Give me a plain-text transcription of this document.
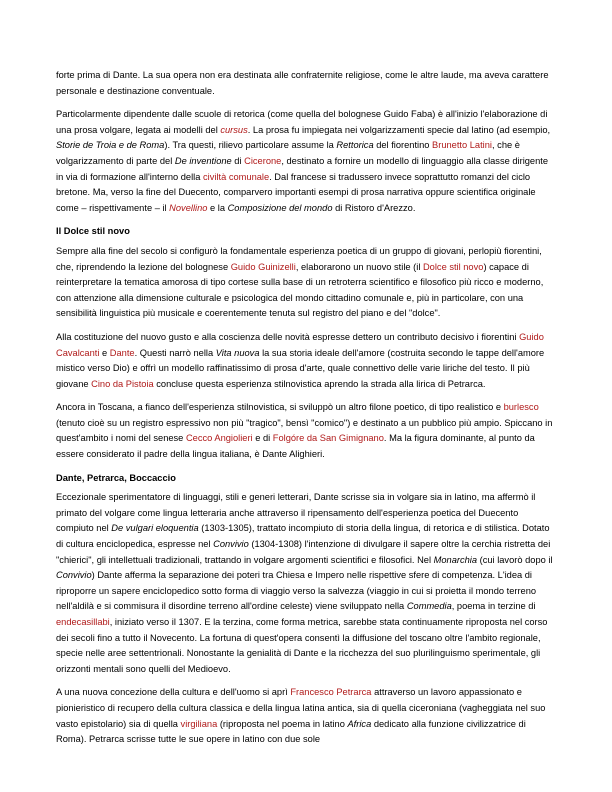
forte prima di Dante. La sua opera non era destinata alle confraternite religiose, come le altre laude, ma aveva carattere personale e destinazione conventuale.

Particolarmente dipendente dalle scuole di retorica (come quella del bolognese Guido Faba) è all'inizio l'elaborazione di una prosa volgare, legata ai modelli del cursus. La prosa fu impiegata nei volgarizzamenti specie dal latino (ad esempio, Storie de Troia e de Roma). Tra questi, rilievo particolare assume la Rettorica del fiorentino Brunetto Latini, che è volgarizzamento di parte del De inventione di Cicerone, destinato a fornire un modello di linguaggio alla classe dirigente in via di formazione all'interno della civiltà comunale. Dal francese si tradussero invece soprattutto romanzi del ciclo bretone. Ma, verso la fine del Duecento, comparvero importanti esempi di prosa narrativa oppure scientifica originale come – rispettivamente – il Novellino e la Composizione del mondo di Ristoro d'Arezzo.

Il Dolce stil novo

Sempre alla fine del secolo si configurò la fondamentale esperienza poetica di un gruppo di giovani, perlopiù fiorentini, che, riprendendo la lezione del bolognese Guido Guinizelli, elaborarono un nuovo stile (il Dolce stil novo) capace di reinterpretare la tematica amorosa di tipo cortese sulla base di un retroterra scientifico e filosofico più ricco e moderno, con attenzione alla dimensione culturale e psicologica del mondo cittadino comunale e, più in particolare, con una sensibilità linguistica più musicale e coerentemente tenuta sul registro del piano e del "dolce".

Alla costituzione del nuovo gusto e alla coscienza delle novità espresse dettero un contributo decisivo i fiorentini Guido Cavalcanti e Dante. Questi narrò nella Vita nuova la sua storia ideale dell'amore (costruita secondo le tappe dell'amore mistico verso Dio) e offrì un modello raffinatissimo di prosa d'arte, quale connettivo delle varie liriche del testo. Il più giovane Cino da Pistoia concluse questa esperienza stilnovistica aprendo la strada alla lirica di Petrarca.

Ancora in Toscana, a fianco dell'esperienza stilnovistica, si sviluppò un altro filone poetico, di tipo realistico e burlesco (tenuto cioè su un registro espressivo non più "tragico", bensì "comico") e destinato a un pubblico più ampio. Spiccano in quest'ambito i nomi del senese Cecco Angiolieri e di Folgóre da San Gimignano. Ma la figura dominante, al punto da essere considerato il padre della lingua italiana, è Dante Alighieri.

Dante, Petrarca, Boccaccio

Eccezionale sperimentatore di linguaggi, stili e generi letterari, Dante scrisse sia in volgare sia in latino, ma affermò il primato del volgare come lingua letteraria anche attraverso il ripensamento dell'esperienza poetica del Duecento compiuto nel De vulgari eloquentia (1303-1305), trattato incompiuto di storia della lingua, di retorica e di stilistica. Dotato di cultura enciclopedica, espresse nel Convivio (1304-1308) l'intenzione di divulgare il sapere oltre la cerchia ristretta dei "chierici", gli intellettuali tradizionali, trattando in volgare argomenti scientifici e filosofici. Nel Monarchia (cui lavorò dopo il Convivio) Dante afferma la separazione dei poteri tra Chiesa e Impero nelle rispettive sfere di competenza. L'idea di riproporre un sapere enciclopedico sotto forma di viaggio verso la salvezza (viaggio in cui si proietta il mondo terreno nell'aldilà e si commisura il disordine terreno all'ordine celeste) viene sviluppato nella Commedia, poema in terzine di endecasillabi, iniziato verso il 1307. E la terzina, come forma metrica, sarebbe stata continuamente riproposta nel corso dei secoli fino a tutto il Novecento. La fortuna di quest'opera consentì la diffusione del toscano oltre l'ambito regionale, specie nelle aree settentrionali. Nonostante la genialità di Dante e la ricchezza del suo plurilinguismo sperimentale, gli orizzonti mentali sono quelli del Medioevo.

A una nuova concezione della cultura e dell'uomo si aprì Francesco Petrarca attraverso un lavoro appassionato e pionieristico di recupero della cultura classica e della lingua latina antica, sia di quella ciceroniana (vagheggiata nel suo vasto epistolario) sia di quella virgiliana (riproposta nel poema in latino Africa dedicato alla funzione civilizzatrice di Roma). Petrarca scrisse tutte le sue opere in latino con due sole
